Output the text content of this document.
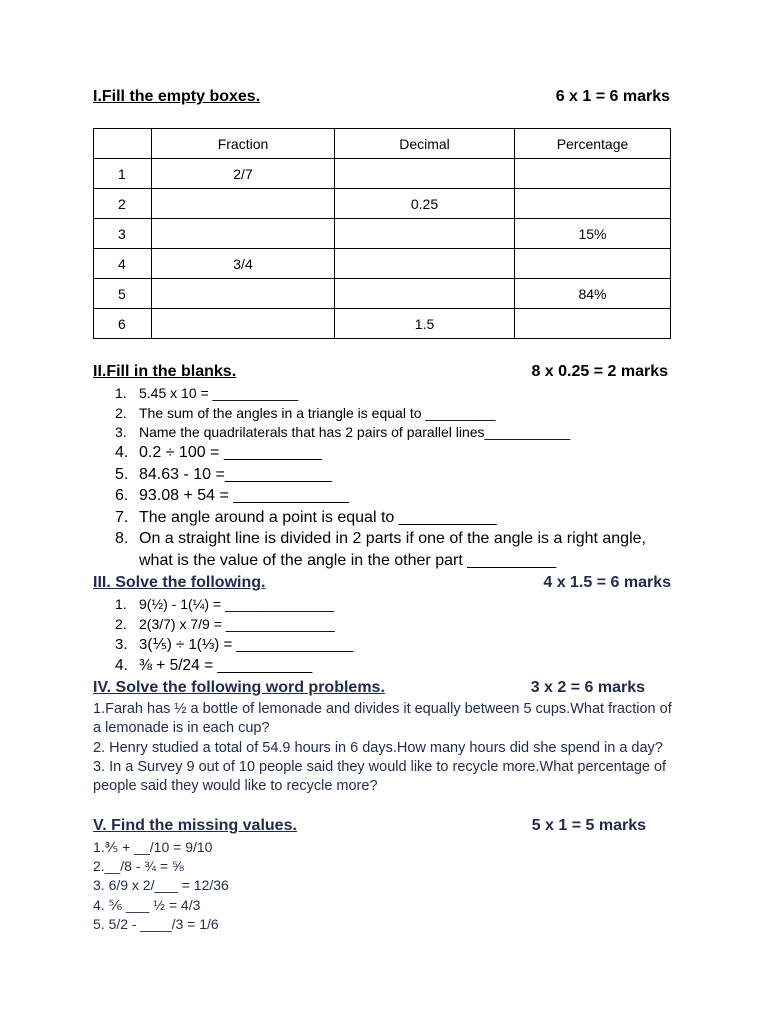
I.Fill the empty boxes.	6 x 1 = 6 marks
	Fraction	Decimal	Percentage
1	2/7		
2		0.25	
3			15%
4	3/4		
5			84%
6		1.5	
II.Fill in the blanks.	8 x 0.25 = 2 marks
1. 5.45 x 10 = ___________
2. The sum of the angles in a triangle is equal to _________
3. Name the quadrilaterals that has 2 pairs of parallel lines___________
4. 0.2 ÷ 100 = ___________
5. 84.63 - 10 =____________
6. 93.08 + 54 = _____________
7. The angle around a point is equal to ___________
8. On a straight line is divided in 2 parts if one of the angle is a right angle, what is the value of the angle in the other part __________
III. Solve the following.	4 x 1.5 = 6 marks
1. 9(½) - 1(¼) = ______________
2. 2(3/7) x 7/9 = ______________
3. 3(⅕) ÷ 1(⅓) = ______________
4. ⅜ + 5/24 = ___________
IV. Solve the following word problems.	3 x 2 = 6 marks
1.Farah has ½ a bottle of lemonade and divides it equally between 5 cups.What fraction of a lemonade is in each cup?
2. Henry studied a total of 54.9 hours in 6 days.How many hours did she spend in a day?
3. In a Survey 9 out of 10 people said they would like to recycle more.What percentage of people said they would like to recycle more?
V. Find the missing values.	5 x 1 = 5 marks
1.⅗ + __/10 = 9/10
2.__/8 - ¾ = ⅝
3. 6/9 x 2/___ = 12/36
4. ⅚ ___ ½ = 4/3
5. 5/2 - ____/3 = 1/6
